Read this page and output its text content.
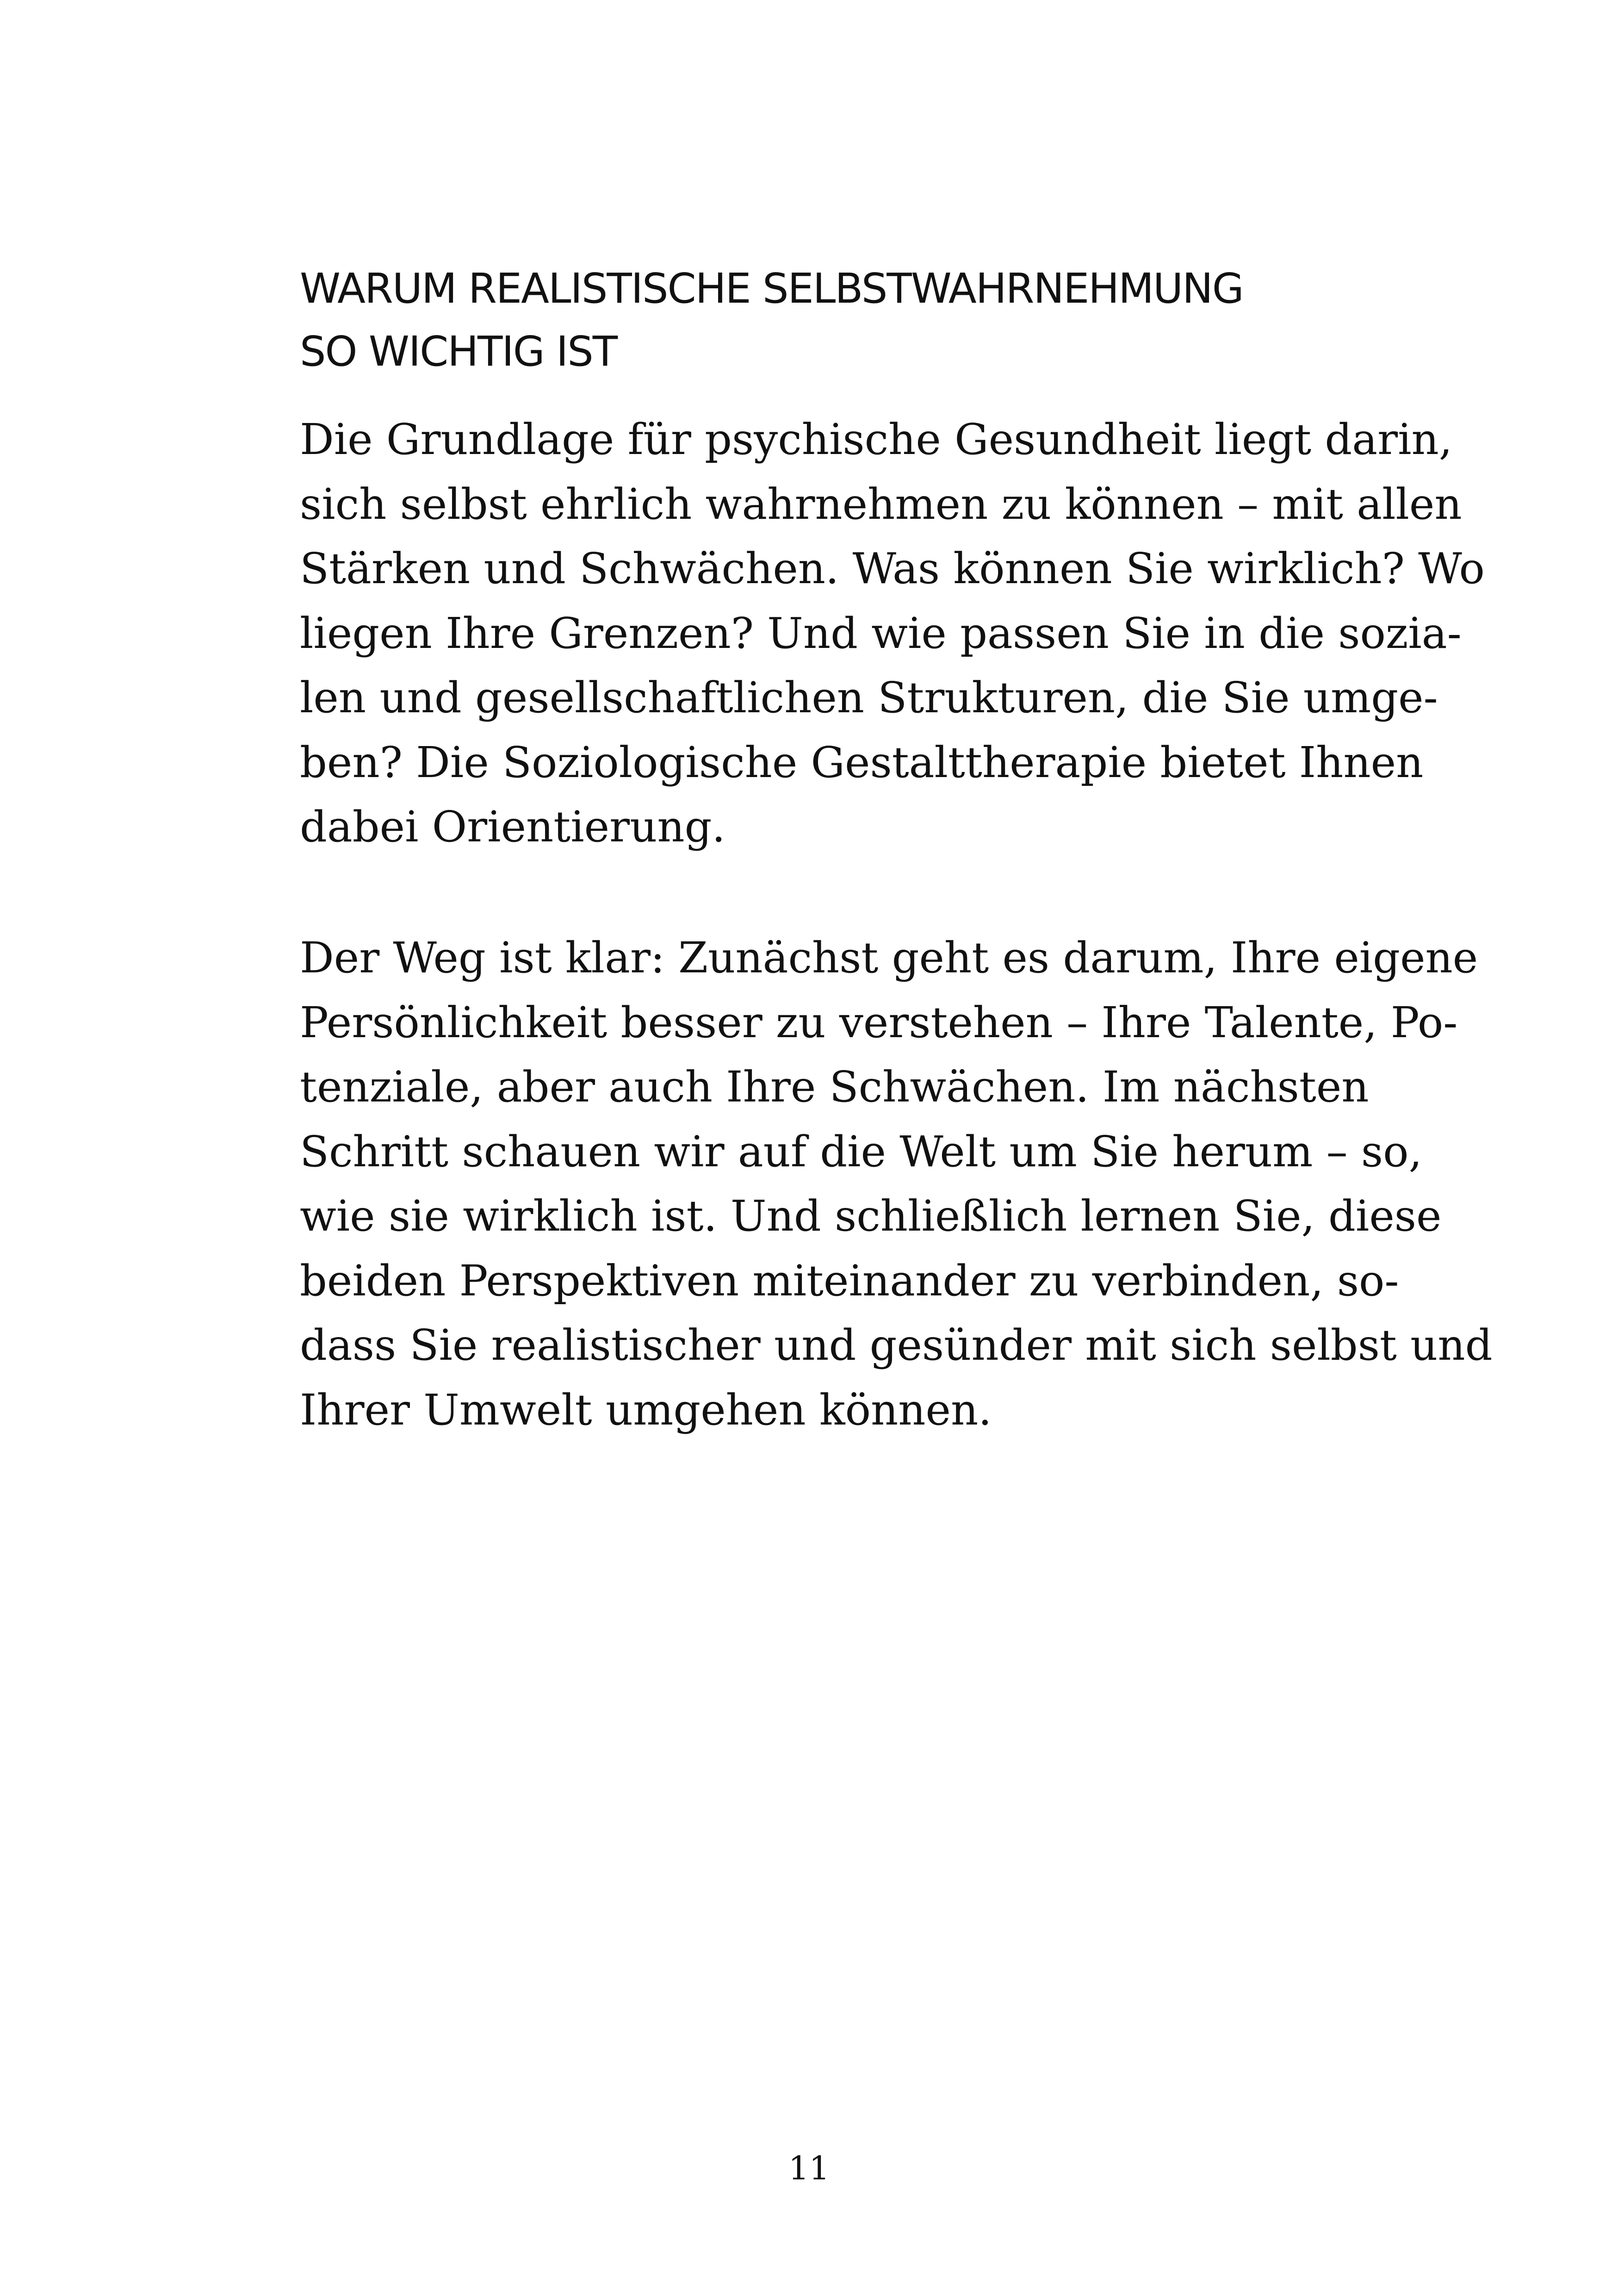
WARUM REALISTISCHE SELBSTWAHRNEHMUNG
SO WICHTIG IST
Die Grundlage für psychische Gesundheit liegt darin,
sich selbst ehrlich wahrnehmen zu können – mit allen
Stärken und Schwächen. Was können Sie wirklich? Wo
liegen Ihre Grenzen? Und wie passen Sie in die sozia-
len und gesellschaftlichen Strukturen, die Sie umge-
ben? Die Soziologische Gestalttherapie bietet Ihnen
dabei Orientierung.
Der Weg ist klar: Zunächst geht es darum, Ihre eigene
Persönlichkeit besser zu verstehen – Ihre Talente, Po-
tenziale, aber auch Ihre Schwächen. Im nächsten
Schritt schauen wir auf die Welt um Sie herum – so,
wie sie wirklich ist. Und schließlich lernen Sie, diese
beiden Perspektiven miteinander zu verbinden, so-
dass Sie realistischer und gesünder mit sich selbst und
Ihrer Umwelt umgehen können.
11
